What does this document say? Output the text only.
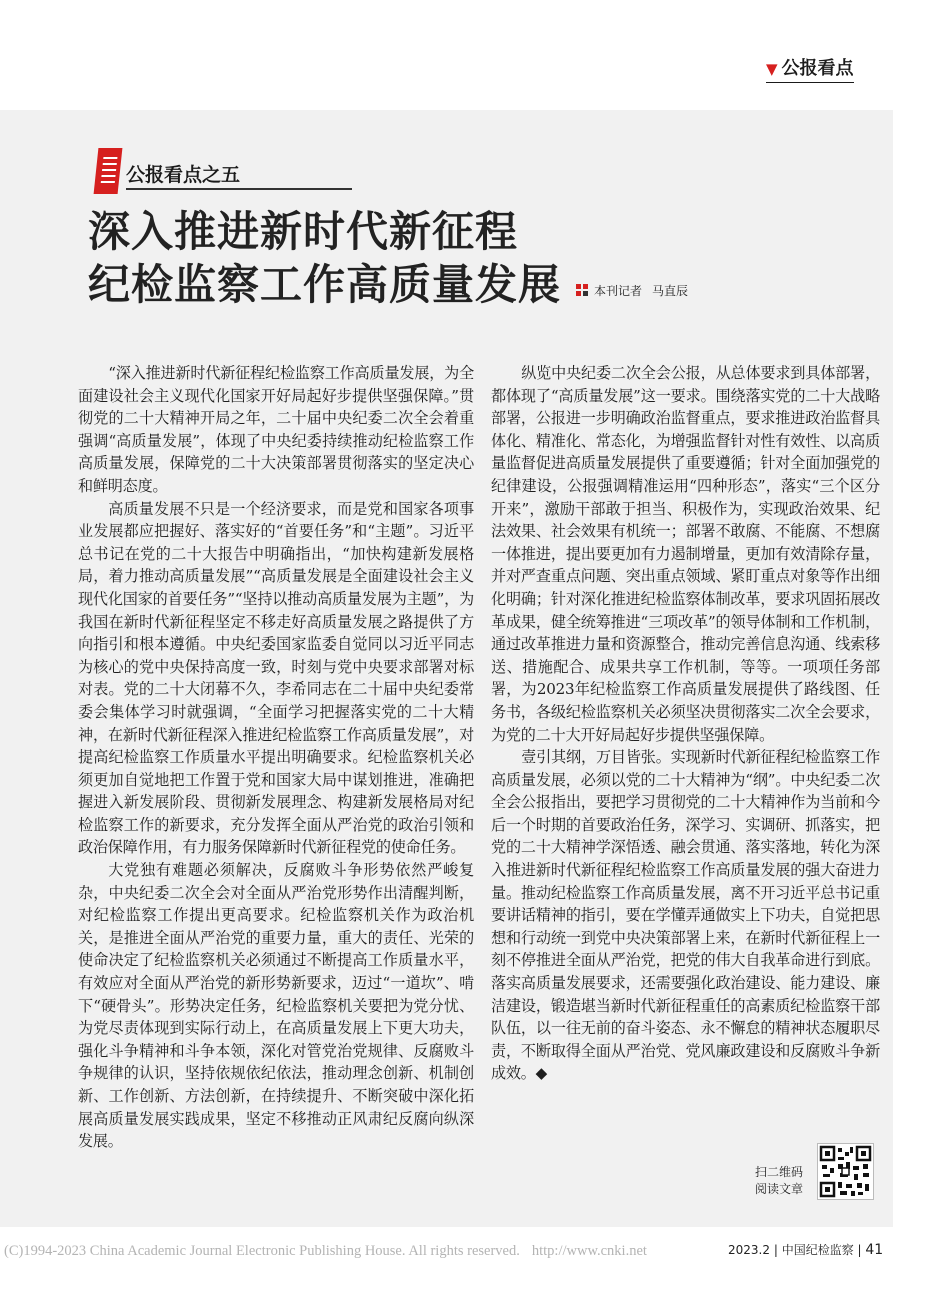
▼ 公报看点
公报看点之五
深入推进新时代新征程
纪检监察工作高质量发展	本刊记者 马直辰

“深入推进新时代新征程纪检监察工作高质量发展，为全面建设社会主义现代化国家开好局起好步提供坚强保障。”贯彻党的二十大精神开局之年，二十届中央纪委二次全会着重强调“高质量发展”，体现了中央纪委持续推动纪检监察工作高质量发展，保障党的二十大决策部署贯彻落实的坚定决心和鲜明态度。

高质量发展不只是一个经济要求，而是党和国家各项事业发展都应把握好、落实好的“首要任务”和“主题”。习近平总书记在党的二十大报告中明确指出，“加快构建新发展格局，着力推动高质量发展”“高质量发展是全面建设社会主义现代化国家的首要任务”“坚持以推动高质量发展为主题”，为我国在新时代新征程坚定不移走好高质量发展之路提供了方向指引和根本遵循。中央纪委国家监委自觉同以习近平同志为核心的党中央保持高度一致，时刻与党中央要求部署对标对表。党的二十大闭幕不久，李希同志在二十届中央纪委常委会集体学习时就强调，“全面学习把握落实党的二十大精神，在新时代新征程深入推进纪检监察工作高质量发展”，对提高纪检监察工作质量水平提出明确要求。纪检监察机关必须更加自觉地把工作置于党和国家大局中谋划推进，准确把握进入新发展阶段、贯彻新发展理念、构建新发展格局对纪检监察工作的新要求，充分发挥全面从严治党的政治引领和政治保障作用，有力服务保障新时代新征程党的使命任务。

大党独有难题必须解决，反腐败斗争形势依然严峻复杂，中央纪委二次全会对全面从严治党形势作出清醒判断，对纪检监察工作提出更高要求。纪检监察机关作为政治机关，是推进全面从严治党的重要力量，重大的责任、光荣的使命决定了纪检监察机关必须通过不断提高工作质量水平，有效应对全面从严治党的新形势新要求，迈过“一道坎”、啃下“硬骨头”。形势决定任务，纪检监察机关要把为党分忧、为党尽责体现到实际行动上，在高质量发展上下更大功夫，强化斗争精神和斗争本领，深化对管党治党规律、反腐败斗争规律的认识，坚持依规依纪依法，推动理念创新、机制创新、工作创新、方法创新，在持续提升、不断突破中深化拓展高质量发展实践成果，坚定不移推动正风肃纪反腐向纵深发展。

纵览中央纪委二次全会公报，从总体要求到具体部署，都体现了“高质量发展”这一要求。围绕落实党的二十大战略部署，公报进一步明确政治监督重点，要求推进政治监督具体化、精准化、常态化，为增强监督针对性有效性、以高质量监督促进高质量发展提供了重要遵循；针对全面加强党的纪律建设，公报强调精准运用“四种形态”，落实“三个区分开来”，激励干部敢于担当、积极作为，实现政治效果、纪法效果、社会效果有机统一；部署不敢腐、不能腐、不想腐一体推进，提出要更加有力遏制增量，更加有效清除存量，并对严查重点问题、突出重点领域、紧盯重点对象等作出细化明确；针对深化推进纪检监察体制改革，要求巩固拓展改革成果，健全统筹推进“三项改革”的领导体制和工作机制，通过改革推进力量和资源整合，推动完善信息沟通、线索移送、措施配合、成果共享工作机制，等等。一项项任务部署，为2023年纪检监察工作高质量发展提供了路线图、任务书，各级纪检监察机关必须坚决贯彻落实二次全会要求，为党的二十大开好局起好步提供坚强保障。

壹引其纲，万目皆张。实现新时代新征程纪检监察工作高质量发展，必须以党的二十大精神为“纲”。中央纪委二次全会公报指出，要把学习贯彻党的二十大精神作为当前和今后一个时期的首要政治任务，深学习、实调研、抓落实，把党的二十大精神学深悟透、融会贯通、落实落地，转化为深入推进新时代新征程纪检监察工作高质量发展的强大奋进力量。推动纪检监察工作高质量发展，离不开习近平总书记重要讲话精神的指引，要在学懂弄通做实上下功夫，自觉把思想和行动统一到党中央决策部署上来，在新时代新征程上一刻不停推进全面从严治党，把党的伟大自我革命进行到底。落实高质量发展要求，还需要强化政治建设、能力建设、廉洁建设，锻造堪当新时代新征程重任的高素质纪检监察干部队伍，以一往无前的奋斗姿态、永不懈怠的精神状态履职尽责，不断取得全面从严治党、党风廉政建设和反腐败斗争新成效。◆

扫二维码
阅读文章
(C)1994-2023 China Academic Journal Electronic Publishing House. All rights reserved. http://www.cnki.net	2023.2 | 中国纪检监察 | 41
